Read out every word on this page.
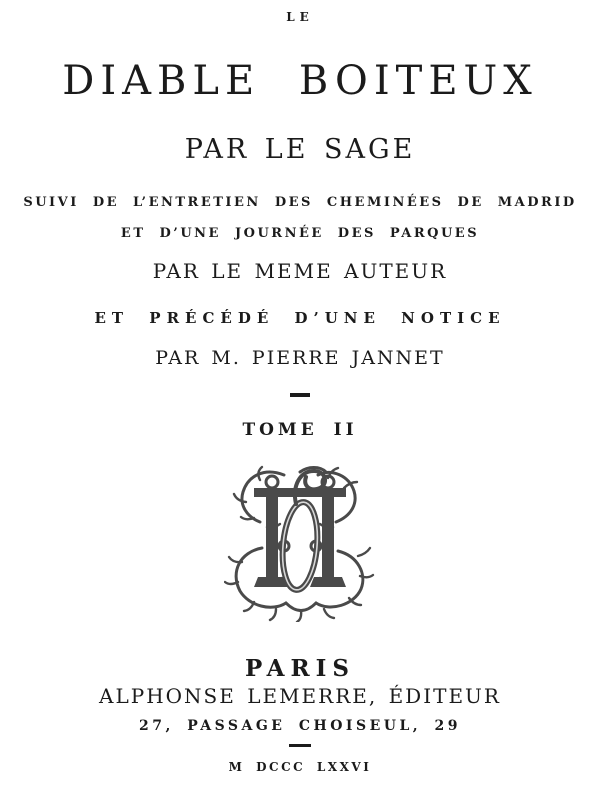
LE
DIABLE BOITEUX
PAR LE SAGE
SUIVI DE L’ENTRETIEN DES CHEMINÉES DE MADRID
ET D’UNE JOURNÉE DES PARQUES
PAR LE MEME AUTEUR
ET PRÉCÉDÉ D’UNE NOTICE
PAR M. PIERRE JANNET
TOME II
PARIS
ALPHONSE LEMERRE, ÉDITEUR
27, PASSAGE CHOISEUL, 29
M DCCC LXXVI
